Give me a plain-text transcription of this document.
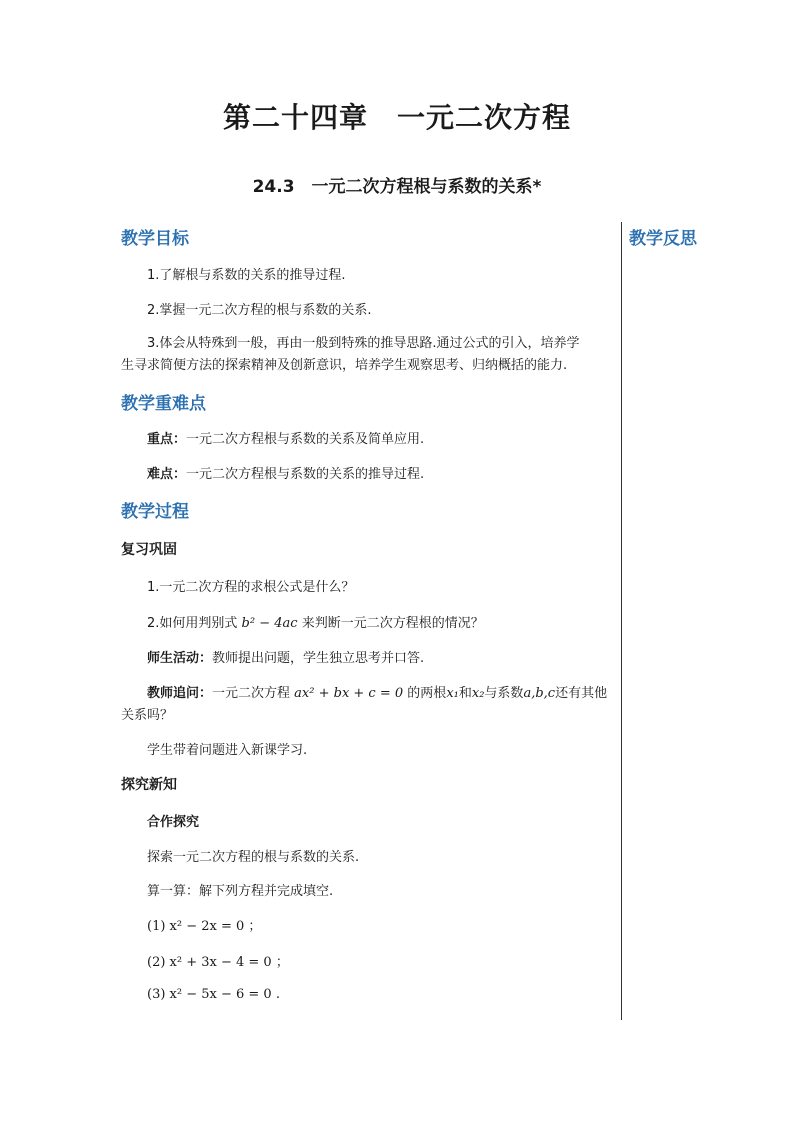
第二十四章　一元二次方程
24.3　一元二次方程根与系数的关系*
教学反思
教学目标
1.了解根与系数的关系的推导过程.
2.掌握一元二次方程的根与系数的关系.
3.体会从特殊到一般，再由一般到特殊的推导思路.通过公式的引入，培养学
生寻求简便方法的探索精神及创新意识，培养学生观察思考、归纳概括的能力.
教学重难点
重点：一元二次方程根与系数的关系及简单应用.
难点：一元二次方程根与系数的关系的推导过程.
教学过程
复习巩固
1.一元二次方程的求根公式是什么？
2.如何用判别式 b² − 4ac 来判断一元二次方程根的情况？
师生活动：教师提出问题，学生独立思考并口答.
教师追问：一元二次方程 ax² + bx + c = 0 的两根x₁和x₂与系数a,b,c还有其他
关系吗？
学生带着问题进入新课学习.
探究新知
合作探究
探索一元二次方程的根与系数的关系.
算一算：解下列方程并完成填空.
(1) x² − 2x = 0 ；
(2) x² + 3x − 4 = 0 ；
(3) x² − 5x − 6 = 0 .
